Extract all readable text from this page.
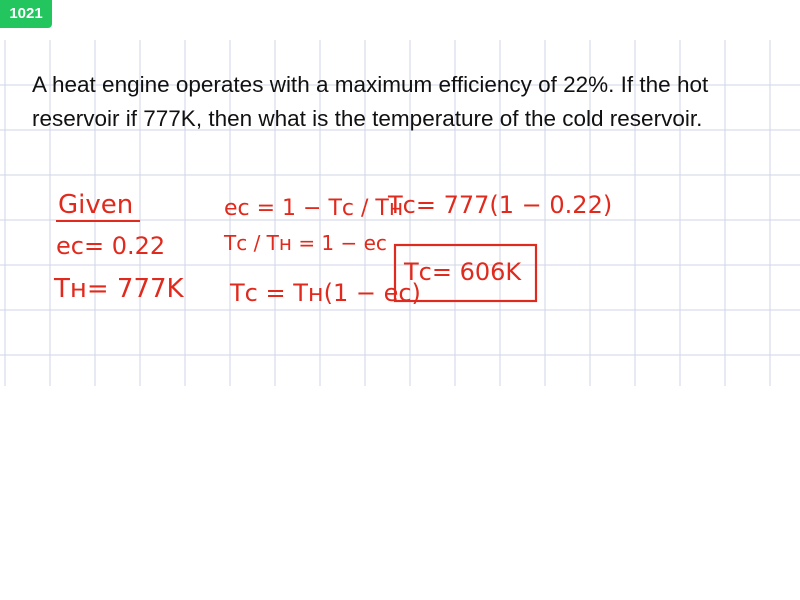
1021
A heat engine operates with a maximum efficiency of 22%. If the hot reservoir if 777K, then what is the temperature of the cold reservoir.
Given
eᴄ= 0.22
Tʜ= 777K
eᴄ = 1 − Tᴄ / Tʜ
Tᴄ / Tʜ = 1 − eᴄ
Tᴄ = Tʜ(1 − eᴄ)
Tᴄ= 777(1 − 0.22)
Tᴄ= 606K
